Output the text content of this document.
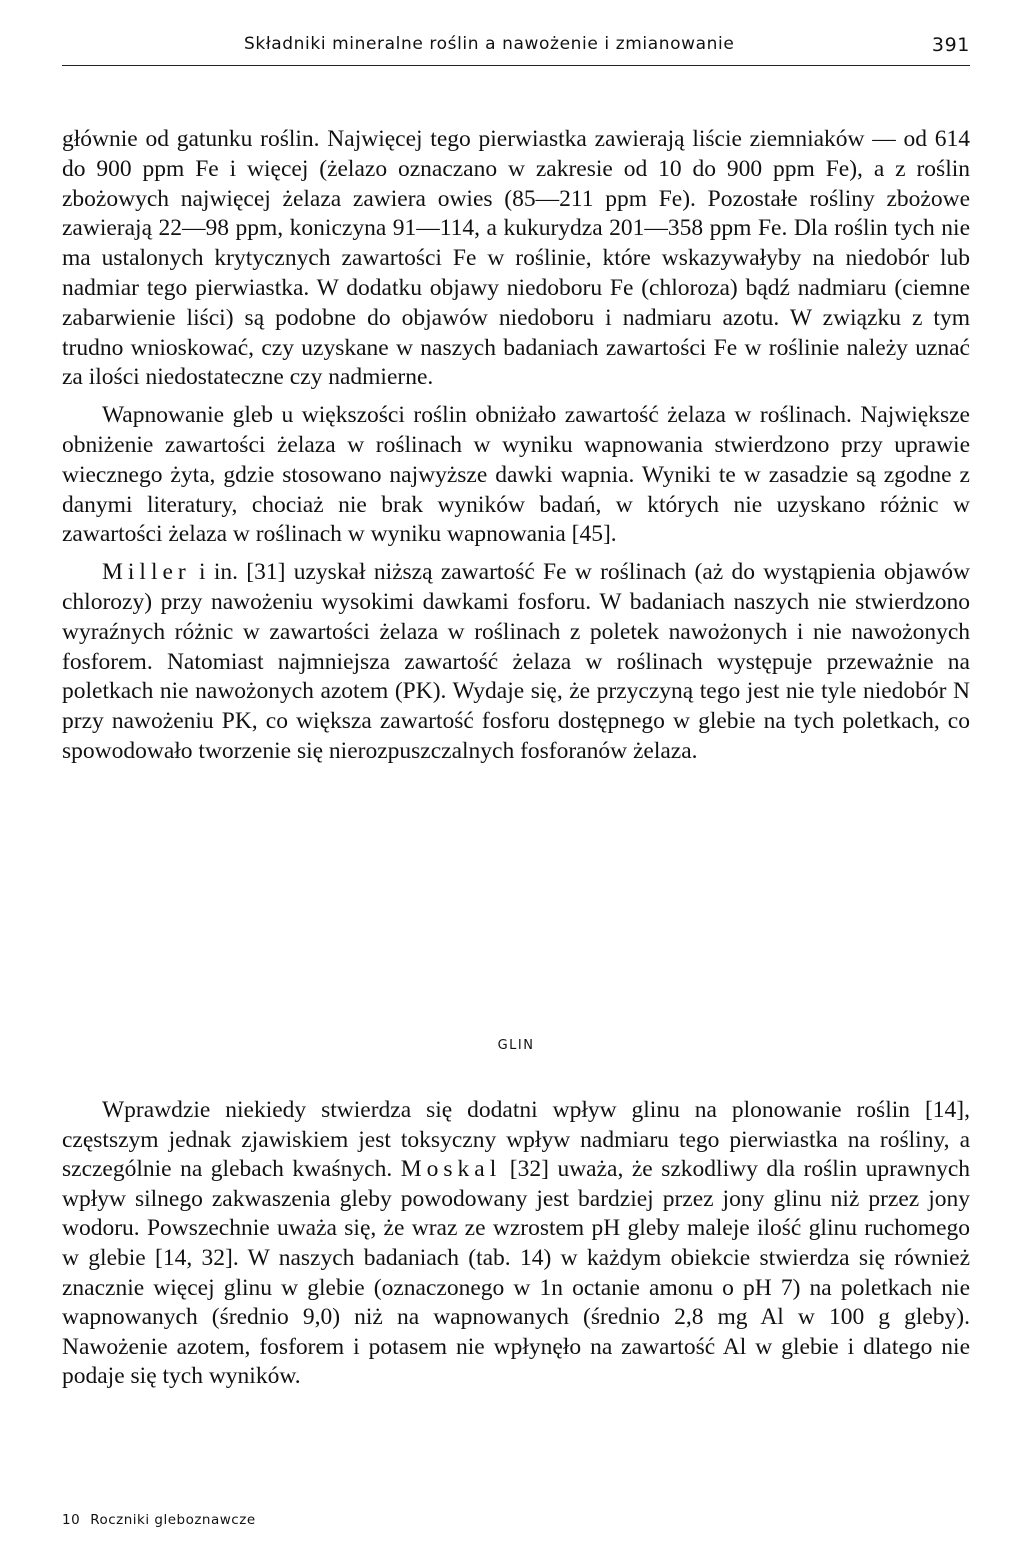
Składniki mineralne roślin a nawożenie i zmianowanie	391

głównie od gatunku roślin. Najwięcej tego pierwiastka zawierają liście ziemniaków — od 614 do 900 ppm Fe i więcej (żelazo oznaczano w zakresie od 10 do 900 ppm Fe), a z roślin zbożowych najwięcej żelaza zawiera owies (85—211 ppm Fe). Pozostałe rośliny zbożowe zawierają 22—98 ppm, koniczyna 91—114, a kukurydza 201—358 ppm Fe. Dla roślin tych nie ma ustalonych krytycznych zawartości Fe w roślinie, które wskazywałyby na niedobór lub nadmiar tego pierwiastka. W dodatku objawy niedoboru Fe (chloroza) bądź nadmiaru (ciemne zabarwienie liści) są podobne do objawów niedoboru i nadmiaru azotu. W związku z tym trudno wnioskować, czy uzyskane w naszych badaniach zawartości Fe w roślinie należy uznać za ilości niedostateczne czy nadmierne.

Wapnowanie gleb u większości roślin obniżało zawartość żelaza w roślinach. Największe obniżenie zawartości żelaza w roślinach w wyniku wapnowania stwierdzono przy uprawie wiecznego żyta, gdzie stosowano najwyższe dawki wapnia. Wyniki te w zasadzie są zgodne z danymi literatury, chociaż nie brak wyników badań, w których nie uzyskano różnic w zawartości żelaza w roślinach w wyniku wapnowania [45].

Miller i in. [31] uzyskał niższą zawartość Fe w roślinach (aż do wystąpienia objawów chlorozy) przy nawożeniu wysokimi dawkami fosforu. W badaniach naszych nie stwierdzono wyraźnych różnic w zawartości żelaza w roślinach z poletek nawożonych i nie nawożonych fosforem. Natomiast najmniejsza zawartość żelaza w roślinach występuje przeważnie na poletkach nie nawożonych azotem (PK). Wydaje się, że przyczyną tego jest nie tyle niedobór N przy nawożeniu PK, co większa zawartość fosforu dostępnego w glebie na tych poletkach, co spowodowało tworzenie się nierozpuszczalnych fosforanów żelaza.

GLIN

Wprawdzie niekiedy stwierdza się dodatni wpływ glinu na plonowanie roślin [14], częstszym jednak zjawiskiem jest toksyczny wpływ nadmiaru tego pierwiastka na rośliny, a szczególnie na glebach kwaśnych. Moskal [32] uważa, że szkodliwy dla roślin uprawnych wpływ silnego zakwaszenia gleby powodowany jest bardziej przez jony glinu niż przez jony wodoru. Powszechnie uważa się, że wraz ze wzrostem pH gleby maleje ilość glinu ruchomego w glebie [14, 32]. W naszych badaniach (tab. 14) w każdym obiekcie stwierdza się również znacznie więcej glinu w glebie (oznaczonego w 1n octanie amonu o pH 7) na poletkach nie wapnowanych (średnio 9,0) niż na wapnowanych (średnio 2,8 mg Al w 100 g gleby). Nawożenie azotem, fosforem i potasem nie wpłynęło na zawartość Al w glebie i dlatego nie podaje się tych wyników.

10 Roczniki gleboznawcze
